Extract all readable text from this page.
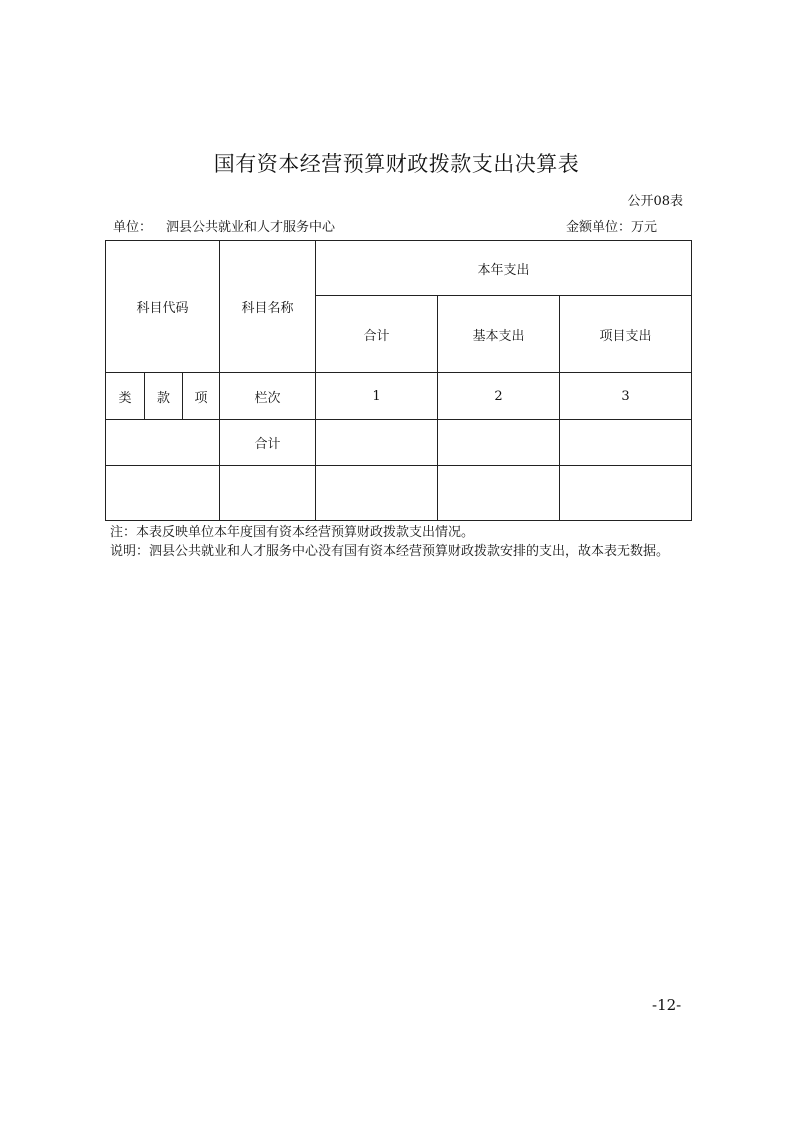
国有资本经营预算财政拨款支出决算表
公开08表
单位： 泗县公共就业和人才服务中心	金额单位：万元
科目代码			科目名称	本年支出		
				合计	基本支出	项目支出
类	款	项	栏次	1	2	3
			合计			

注：本表反映单位本年度国有资本经营预算财政拨款支出情况。

说明：泗县公共就业和人才服务中心没有国有资本经营预算财政拨款安排的支出，故本表无数据。

-12-
